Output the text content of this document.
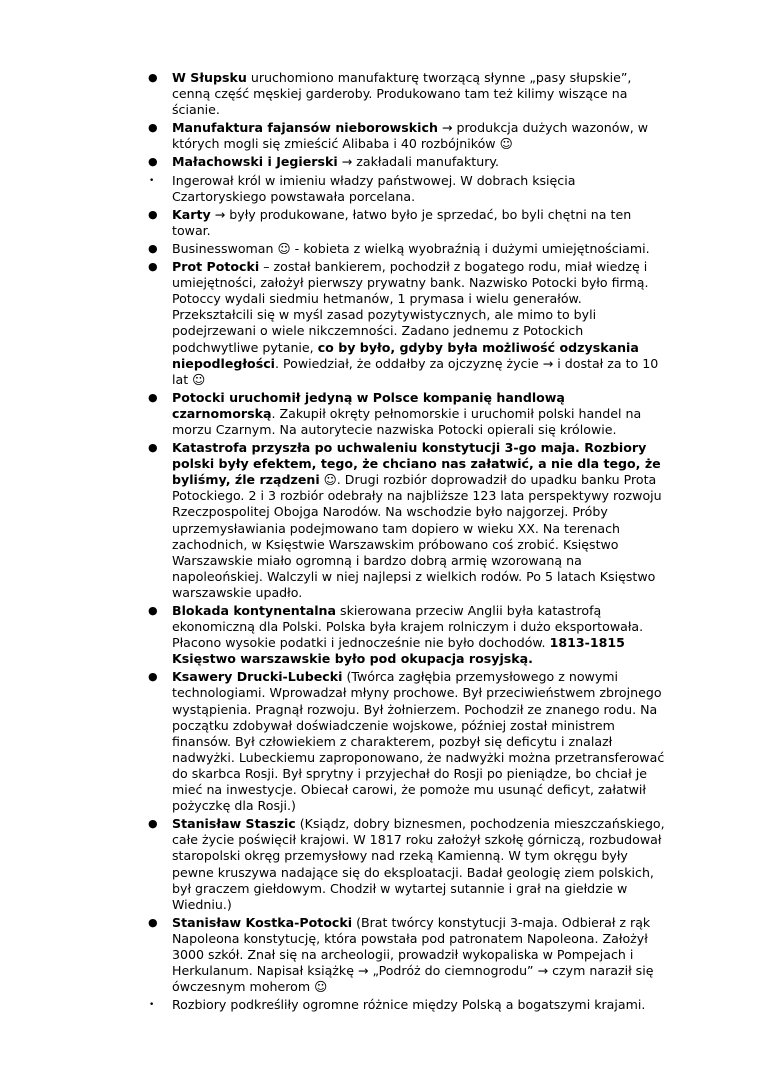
● W Słupsku uruchomiono manufakturę tworzącą słynne „pasy słupskie”, cenną część męskiej garderoby. Produkowano tam też kilimy wiszące na ścianie.
● Manufaktura fajansów nieborowskich → produkcja dużych wazonów, w których mogli się zmieścić Alibaba i 40 rozbójników ☺
● Małachowski i Jegierski → zakładali manufaktury.
• Ingerował król w imieniu władzy państwowej. W dobrach księcia Czartoryskiego powstawała porcelana.
● Karty → były produkowane, łatwo było je sprzedać, bo byli chętni na ten towar.
● Businesswoman ☺ - kobieta z wielką wyobraźnią i dużymi umiejętnościami.
● Prot Potocki – został bankierem, pochodził z bogatego rodu, miał wiedzę i umiejętności, założył pierwszy prywatny bank. Nazwisko Potocki było firmą. Potoccy wydali siedmiu hetmanów, 1 prymasa i wielu generałów. Przekształcili się w myśl zasad pozytywistycznych, ale mimo to byli podejrzewani o wiele nikczemności. Zadano jednemu z Potockich podchwytliwe pytanie, co by było, gdyby była możliwość odzyskania niepodległości. Powiedział, że oddałby za ojczyznę życie → i dostał za to 10 lat ☺
● Potocki uruchomił jedyną w Polsce kompanię handlową czarnomorską. Zakupił okręty pełnomorskie i uruchomił polski handel na morzu Czarnym. Na autorytecie nazwiska Potocki opierali się królowie.
● Katastrofa przyszła po uchwaleniu konstytucji 3-go maja. Rozbiory polski były efektem, tego, że chciano nas załatwić, a nie dla tego, że byliśmy, źle rządzeni ☺. Drugi rozbiór doprowadził do upadku banku Prota Potockiego. 2 i 3 rozbiór odebrały na najbliższe 123 lata perspektywy rozwoju Rzeczpospolitej Obojga Narodów. Na wschodzie było najgorzej. Próby uprzemysławiania podejmowano tam dopiero w wieku XX. Na terenach zachodnich, w Księstwie Warszawskim próbowano coś zrobić. Księstwo Warszawskie miało ogromną i bardzo dobrą armię wzorowaną na napoleońskiej. Walczyli w niej najlepsi z wielkich rodów. Po 5 latach Księstwo warszawskie upadło.
● Blokada kontynentalna skierowana przeciw Anglii była katastrofą ekonomiczną dla Polski. Polska była krajem rolniczym i dużo eksportowała. Płacono wysokie podatki i jednocześnie nie było dochodów. 1813-1815 Księstwo warszawskie było pod okupacja rosyjską.
● Ksawery Drucki-Lubecki (Twórca zagłębia przemysłowego z nowymi technologiami. Wprowadzał młyny prochowe. Był przeciwieństwem zbrojnego wystąpienia. Pragnął rozwoju. Był żołnierzem. Pochodził ze znanego rodu. Na początku zdobywał doświadczenie wojskowe, później został ministrem finansów. Był człowiekiem z charakterem, pozbył się deficytu i znalazł nadwyżki. Lubeckiemu zaproponowano, że nadwyżki można przetransferować do skarbca Rosji. Był sprytny i przyjechał do Rosji po pieniądze, bo chciał je mieć na inwestycje. Obiecał carowi, że pomoże mu usunąć deficyt, załatwił pożyczkę dla Rosji.)
● Stanisław Staszic (Ksiądz, dobry biznesmen, pochodzenia mieszczańskiego, całe życie poświęcił krajowi. W 1817 roku założył szkołę górniczą, rozbudował staropolski okręg przemysłowy nad rzeką Kamienną. W tym okręgu były pewne kruszywa nadające się do eksploatacji. Badał geologię ziem polskich, był graczem giełdowym. Chodził w wytartej sutannie i grał na giełdzie w Wiedniu.)
● Stanisław Kostka-Potocki (Brat twórcy konstytucji 3-maja. Odbierał z rąk Napoleona konstytucję, która powstała pod patronatem Napoleona. Założył 3000 szkół. Znał się na archeologii, prowadził wykopaliska w Pompejach i Herkulanum. Napisał książkę → „Podróż do ciemnogrodu” → czym naraził się ówczesnym moherom ☺
• Rozbiory podkreśliły ogromne różnice między Polską a bogatszymi krajami.
